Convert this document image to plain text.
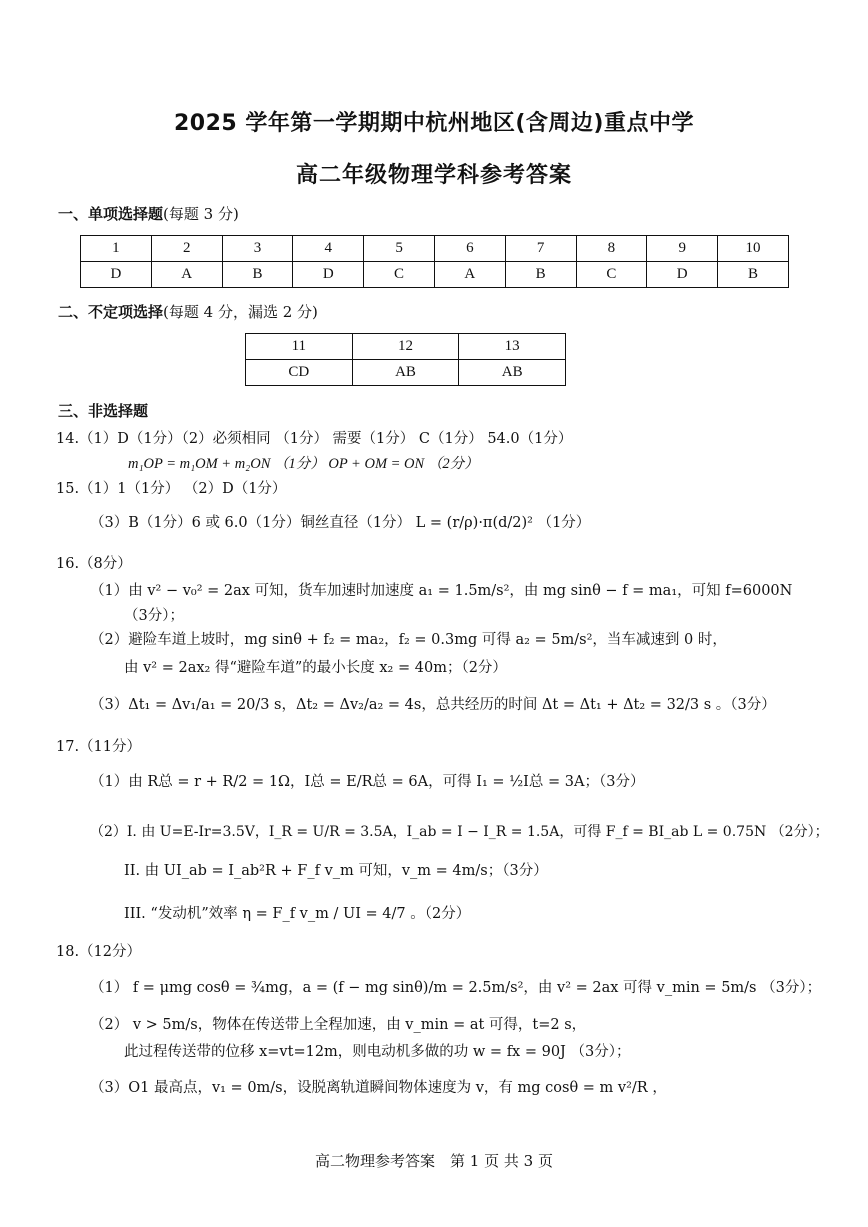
2025 学年第一学期期中杭州地区(含周边)重点中学
高二年级物理学科参考答案
一、单项选择题(每题 3 分)
1	2	3	4	5	6	7	8	9	10
D	A	B	D	C	A	B	C	D	B
二、不定项选择(每题 4 分，漏选 2 分)
11	12	13
CD	AB	AB
三、非选择题
14.（1）D（1分）（2）必须相同 （1分） 需要（1分） C（1分） 54.0（1分）
m₁OP = m₁OM + m₂ON （1分） OP + OM = ON （2分）
15.（1）1（1分） （2）D（1分）
（3）B（1分）6 或 6.0（1分）铜丝直径（1分） L = (r/ρ)·π(d/2)² （1分）
16.（8分）
（1）由 v² − v₀² = 2ax 可知，货车加速时加速度 a₁ = 1.5m/s²，由 mg sinθ − f = ma₁，可知 f=6000N
（3分）；
（2）避险车道上坡时，mg sinθ + f₂ = ma₂，f₂ = 0.3mg 可得 a₂ = 5m/s²，当车减速到 0 时，
由 v² = 2ax₂ 得“避险车道”的最小长度 x₂ = 40m；（2分）
（3）Δt₁ = Δv₁/a₁ = 20/3 s，Δt₂ = Δv₂/a₂ = 4s，总共经历的时间 Δt = Δt₁ + Δt₂ = 32/3 s 。（3分）
17.（11分）
（1）由 R总 = r + R/2 = 1Ω，I总 = E/R总 = 6A，可得 I₁ = ½I总 = 3A；（3分）
（2）I. 由 U=E-Ir=3.5V，I_R = U/R = 3.5A，I_ab = I − I_R = 1.5A，可得 F_f = BI_ab L = 0.75N （2分）；
II. 由 UI_ab = I_ab²R + F_f v_m 可知，v_m = 4m/s；（3分）
III. “发动机”效率 η = F_f v_m / UI = 4/7 。（2分）
18.（12分）
（1） f = μmg cosθ = ¾mg，a = (f − mg sinθ)/m = 2.5m/s²，由 v² = 2ax 可得 v_min = 5m/s （3分）；
（2） v > 5m/s，物体在传送带上全程加速，由 v_min = at 可得，t=2 s，
此过程传送带的位移 x=vt=12m，则电动机多做的功 w = fx = 90J （3分）；
（3）O1 最高点，v₁ = 0m/s，设脱离轨道瞬间物体速度为 v，有 mg cosθ = m v²/R ，
高二物理参考答案　第 1 页 共 3 页
